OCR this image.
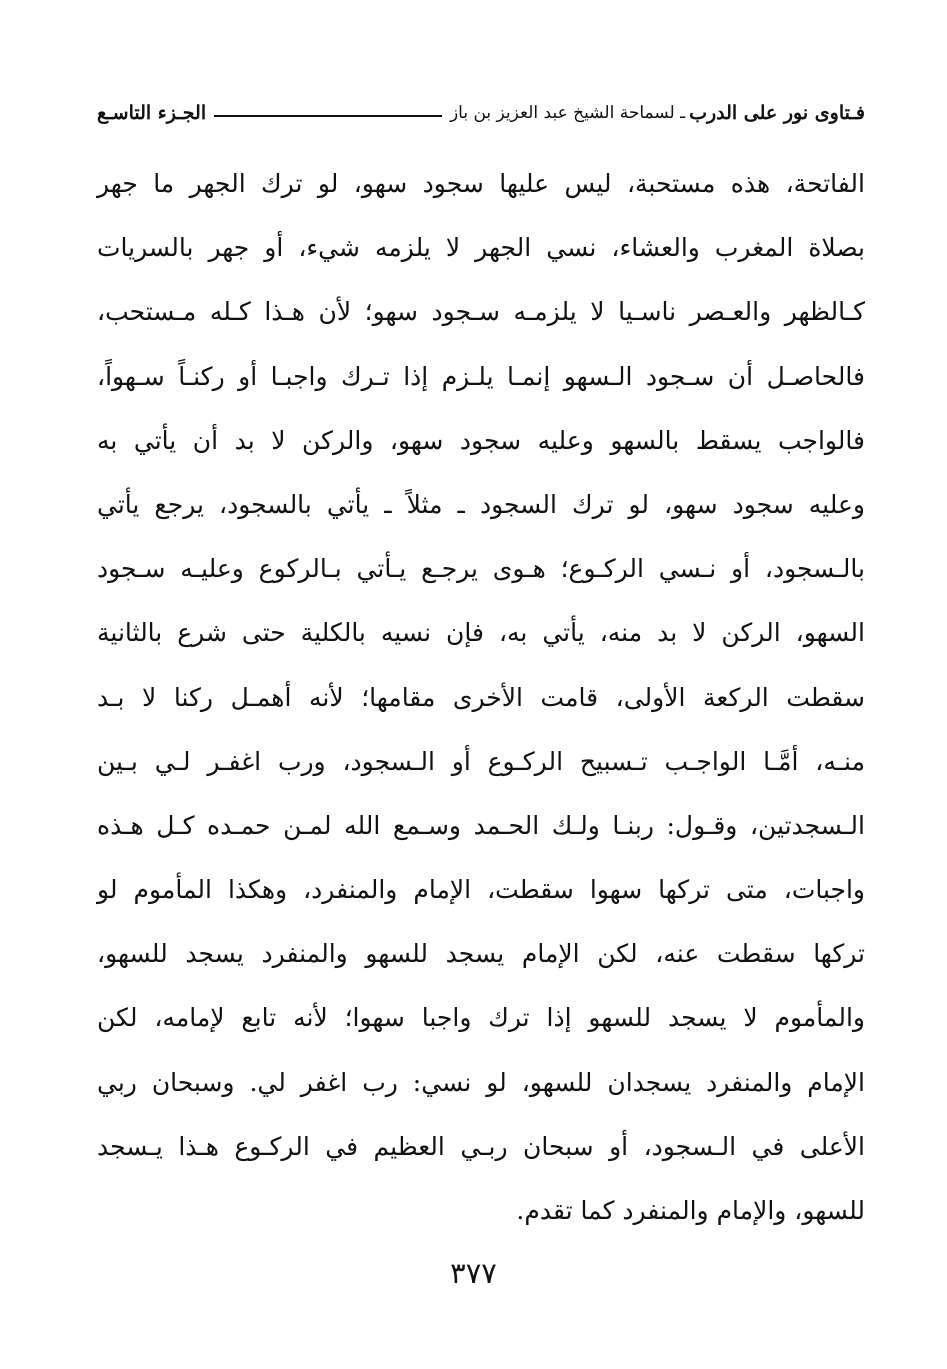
فـتاوى نور على الدرب
ـ لسماحة الشيخ عبد العزيز بن باز
الجـزء التاسـع
الفاتحة، هذه مستحبة، ليس عليها سجود سهو، لو ترك الجهر ما جهر
بصلاة المغرب والعشاء، نسي الجهر لا يلزمه شيء، أو جهر بالسريات
كـالظهر والعـصر ناسـيا لا يلزمـه سـجود سهو؛ لأن هـذا كـله مـستحب،
فالحاصـل أن سـجود الـسهو إنمـا يلـزم إذا تـرك واجبـا أو ركنـاً سـهواً،
فالواجب يسقط بالسهو وعليه سجود سهو، والركن لا بد أن يأتي به
وعليه سجود سهو، لو ترك السجود ـ مثلاً ـ يأتي بالسجود، يرجع يأتي
بالـسجود، أو نـسي الركـوع؛ هـوى يرجـع يـأتي بـالركوع وعليـه سـجود
السهو، الركن لا بد منه، يأتي به، فإن نسيه بالكلية حتى شرع بالثانية
سقطت الركعة الأولى، قامت الأخرى مقامها؛ لأنه أهمـل ركنا لا بـد
منـه، أمَّـا الواجـب تـسبيح الركـوع أو الـسجود، ورب اغفـر لـي بـين
الـسجدتين، وقـول: ربنـا ولـك الحـمد وسـمع الله لمـن حمـده كـل هـذه
واجبات، متى تركها سهوا سقطت، الإمام والمنفرد، وهكذا المأموم لو
تركها سقطت عنه، لكن الإمام يسجد للسهو والمنفرد يسجد للسهو،
والمأموم لا يسجد للسهو إذا ترك واجبا سهوا؛ لأنه تابع لإمامه، لكن
الإمام والمنفرد يسجدان للسهو، لو نسي: رب اغفر لي. وسبحان ربي
الأعلى في الـسجود، أو سبحان ربـي العظيم في الركـوع هـذا يـسجد
للسهو، والإمام والمنفرد كما تقدم.
٣٧٧
